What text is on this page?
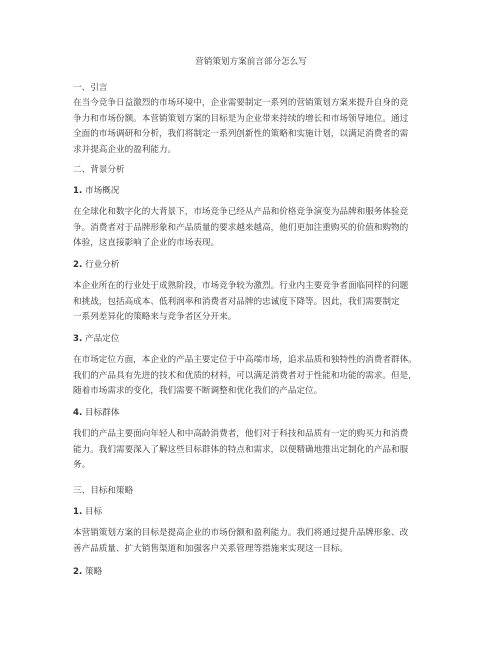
营销策划方案前言部分怎么写
一、引言
在当今竞争日益激烈的市场环境中，企业需要制定一系列的营销策划方案来提升自身的竞
争力和市场份额。本营销策划方案的目标是为企业带来持续的增长和市场领导地位。通过
全面的市场调研和分析，我们将制定一系列创新性的策略和实施计划，以满足消费者的需
求并提高企业的盈利能力。
二、背景分析
1. 市场概况
在全球化和数字化的大背景下，市场竞争已经从产品和价格竞争演变为品牌和服务体验竞
争。消费者对于品牌形象和产品质量的要求越来越高，他们更加注重购买的价值和购物的
体验，这直接影响了企业的市场表现。
2. 行业分析
本企业所在的行业处于成熟阶段，市场竞争较为激烈。行业内主要竞争者面临同样的问题
和挑战，包括高成本、低利润率和消费者对品牌的忠诚度下降等。因此，我们需要制定
一系列差异化的策略来与竞争者区分开来。
3. 产品定位
在市场定位方面，本企业的产品主要定位于中高端市场，追求品质和独特性的消费者群体。
我们的产品具有先进的技术和优质的材料，可以满足消费者对于性能和功能的需求。但是，
随着市场需求的变化，我们需要不断调整和优化我们的产品定位。
4. 目标群体
我们的产品主要面向年轻人和中高龄消费者，他们对于科技和品质有一定的购买力和消费
能力。我们需要深入了解这些目标群体的特点和需求，以便精确地推出定制化的产品和服
务。
三、目标和策略
1. 目标
本营销策划方案的目标是提高企业的市场份额和盈利能力。我们将通过提升品牌形象、改
善产品质量、扩大销售渠道和加强客户关系管理等措施来实现这一目标。
2. 策略
